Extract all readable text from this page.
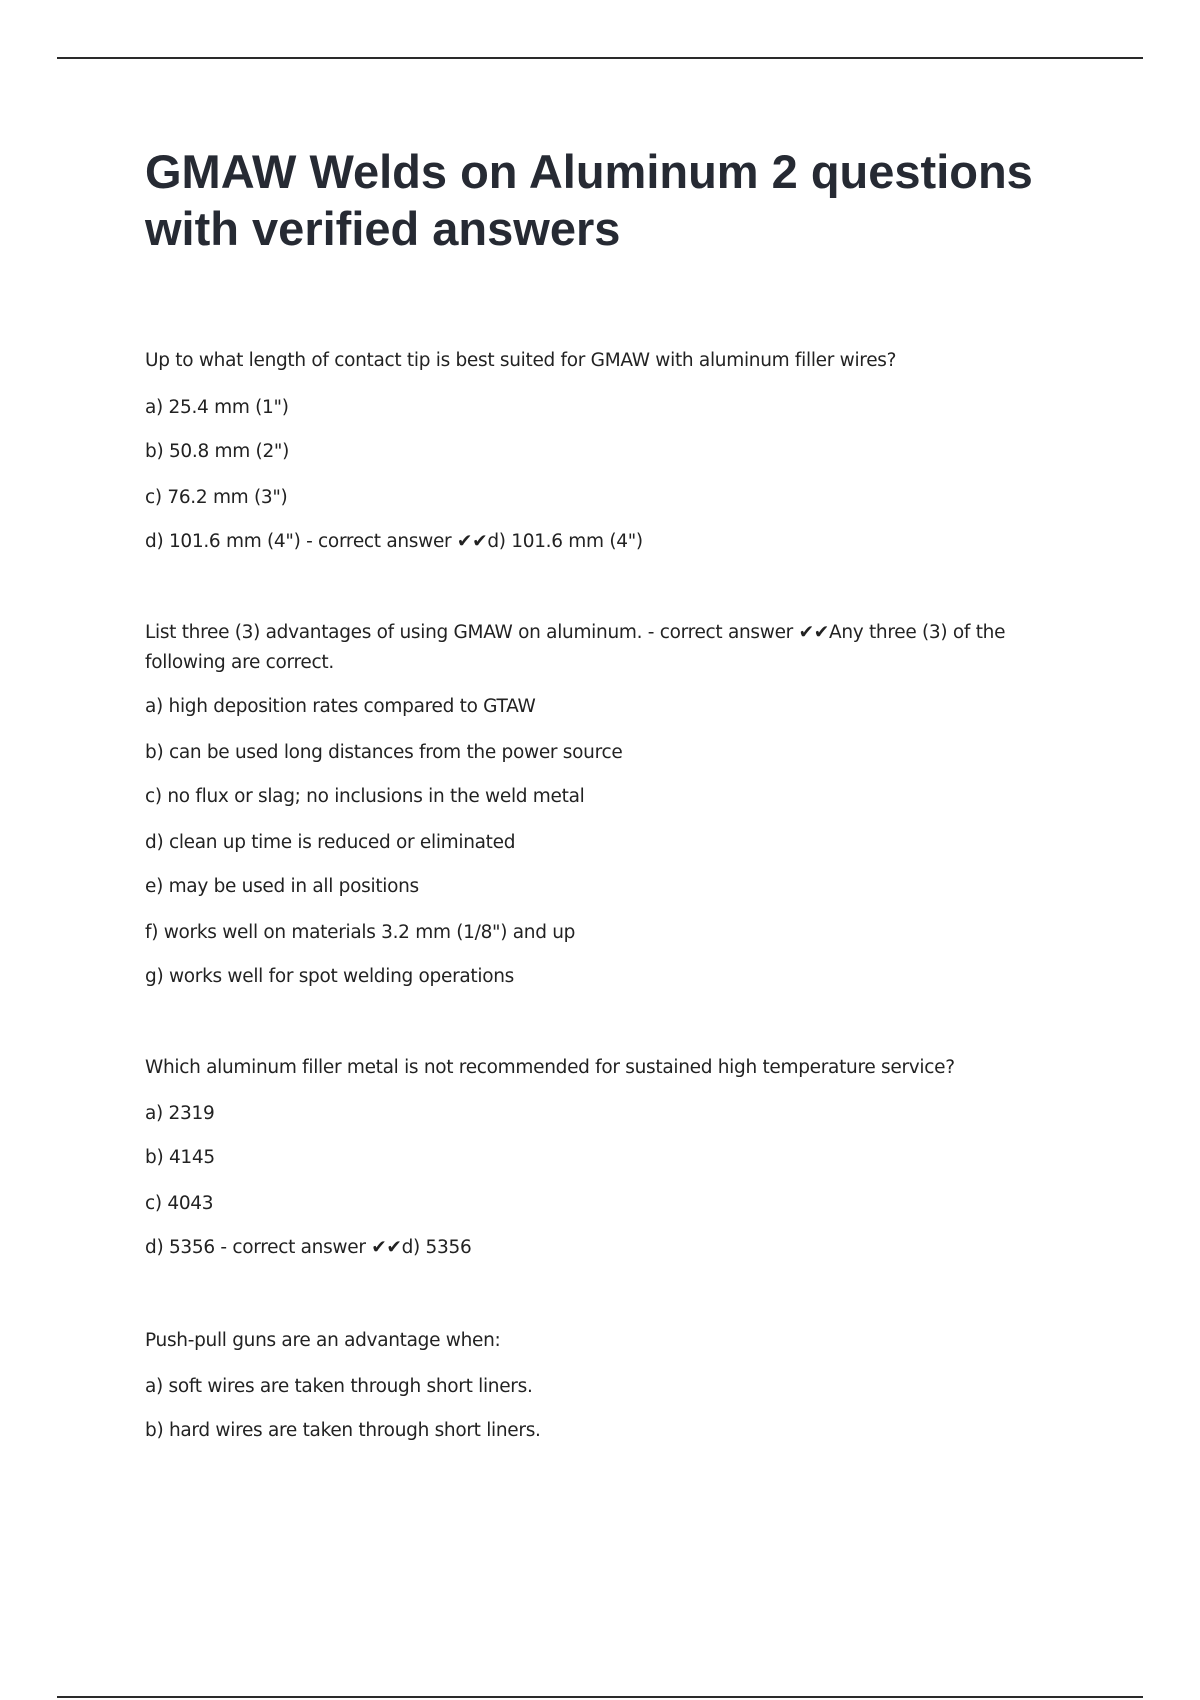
GMAW Welds on Aluminum 2 questions with verified answers

Up to what length of contact tip is best suited for GMAW with aluminum filler wires?

a) 25.4 mm (1")

b) 50.8 mm (2")

c) 76.2 mm (3")

d) 101.6 mm (4") - correct answer ✔✔d) 101.6 mm (4")

List three (3) advantages of using GMAW on aluminum. - correct answer ✔✔Any three (3) of the following are correct.

a) high deposition rates compared to GTAW

b) can be used long distances from the power source

c) no flux or slag; no inclusions in the weld metal

d) clean up time is reduced or eliminated

e) may be used in all positions

f) works well on materials 3.2 mm (1/8") and up

g) works well for spot welding operations

Which aluminum filler metal is not recommended for sustained high temperature service?

a) 2319

b) 4145

c) 4043

d) 5356 - correct answer ✔✔d) 5356

Push-pull guns are an advantage when:

a) soft wires are taken through short liners.

b) hard wires are taken through short liners.
